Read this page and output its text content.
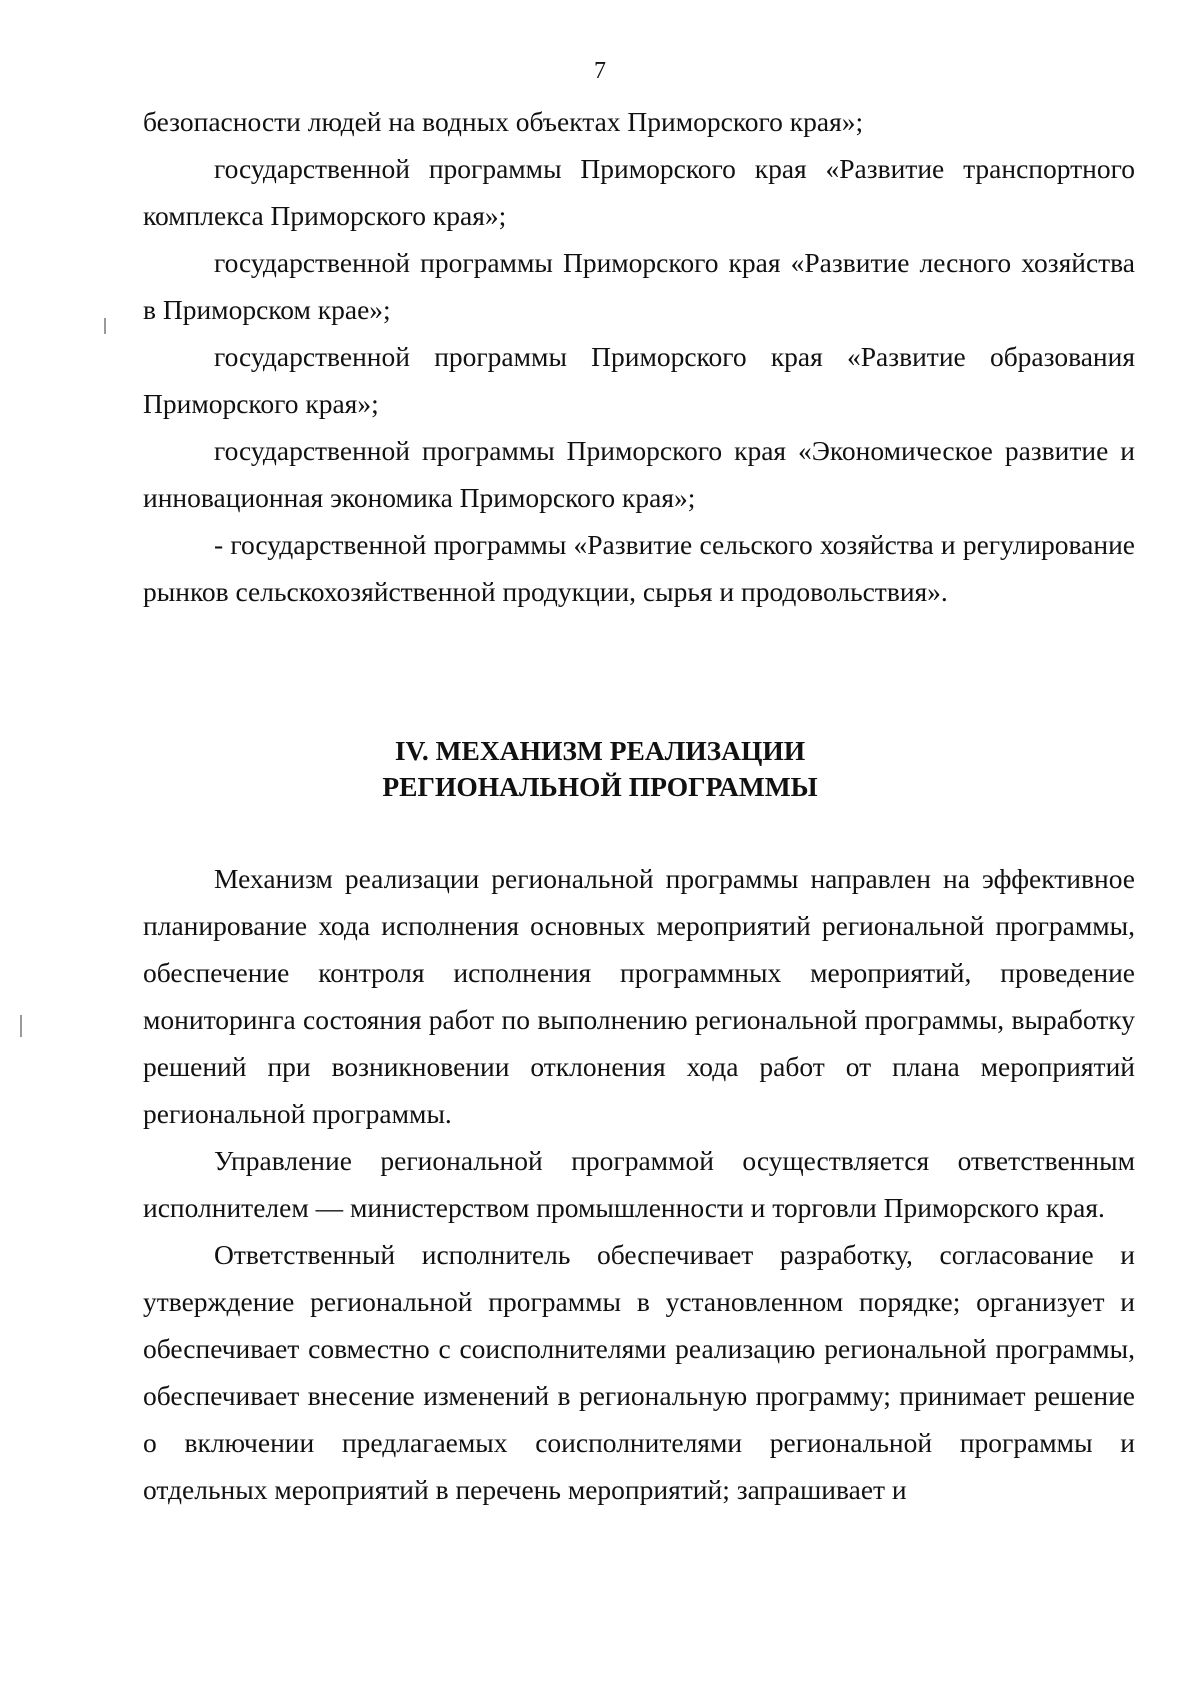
7

безопасности людей на водных объектах Приморского края»;

государственной программы Приморского края «Развитие транспортного комплекса Приморского края»;

государственной программы Приморского края «Развитие лесного хозяйства в Приморском крае»;

государственной программы Приморского края «Развитие образования Приморского края»;

государственной программы Приморского края «Экономическое развитие и инновационная экономика Приморского края»;

- государственной программы «Развитие сельского хозяйства и регулирование рынков сельскохозяйственной продукции, сырья и продовольствия».

IV. МЕХАНИЗМ РЕАЛИЗАЦИИ
РЕГИОНАЛЬНОЙ ПРОГРАММЫ

Механизм реализации региональной программы направлен на эффективное планирование хода исполнения основных мероприятий региональной программы, обеспечение контроля исполнения программных мероприятий, проведение мониторинга состояния работ по выполнению региональной программы, выработку решений при возникновении отклонения хода работ от плана мероприятий региональной программы.

Управление региональной программой осуществляется ответственным исполнителем — министерством промышленности и торговли Приморского края.

Ответственный исполнитель обеспечивает разработку, согласование и утверждение региональной программы в установленном порядке; организует и обеспечивает совместно с соисполнителями реализацию региональной программы, обеспечивает внесение изменений в региональную программу; принимает решение о включении предлагаемых соисполнителями региональной программы и отдельных мероприятий в перечень мероприятий; запрашивает и
